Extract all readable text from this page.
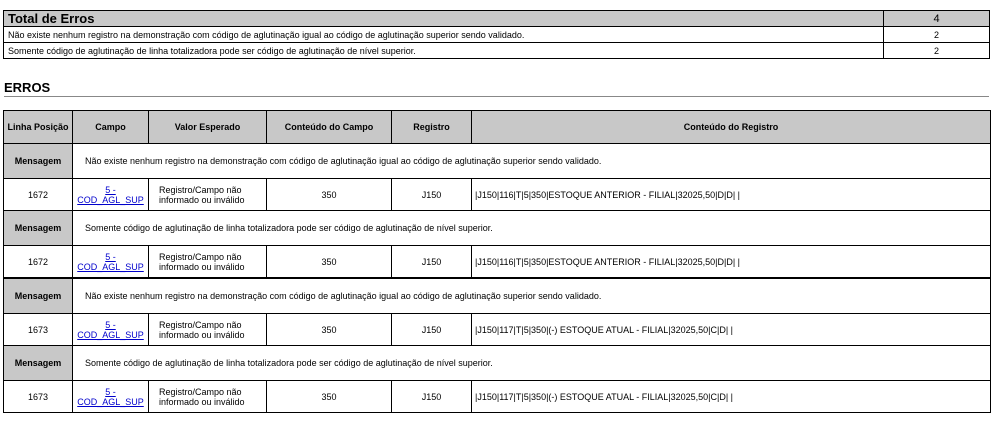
Total de Erros	4
Não existe nenhum registro na demonstração com código de aglutinação igual ao código de aglutinação superior sendo validado.	2
Somente código de aglutinação de linha totalizadora pode ser código de aglutinação de nível superior.	2
ERROS
Linha Posição	Campo	Valor Esperado	Conteúdo do Campo	Registro	Conteúdo do Registro
Mensagem	Não existe nenhum registro na demonstração com código de aglutinação igual ao código de aglutinação superior sendo validado.				
1672	5 - COD_AGL_SUP	Registro/Campo não informado ou inválido	350	J150	|J150|116|T|5|350|ESTOQUE ANTERIOR - FILIAL|32025,50|D|D| |
Mensagem	Somente código de aglutinação de linha totalizadora pode ser código de aglutinação de nível superior.				
1672	5 - COD_AGL_SUP	Registro/Campo não informado ou inválido	350	J150	|J150|116|T|5|350|ESTOQUE ANTERIOR - FILIAL|32025,50|D|D| |
Mensagem	Não existe nenhum registro na demonstração com código de aglutinação igual ao código de aglutinação superior sendo validado.				
1673	5 - COD_AGL_SUP	Registro/Campo não informado ou inválido	350	J150	|J150|117|T|5|350|(-) ESTOQUE ATUAL - FILIAL|32025,50|C|D| |
Mensagem	Somente código de aglutinação de linha totalizadora pode ser código de aglutinação de nível superior.				
1673	5 - COD_AGL_SUP	Registro/Campo não informado ou inválido	350	J150	|J150|117|T|5|350|(-) ESTOQUE ATUAL - FILIAL|32025,50|C|D| |
